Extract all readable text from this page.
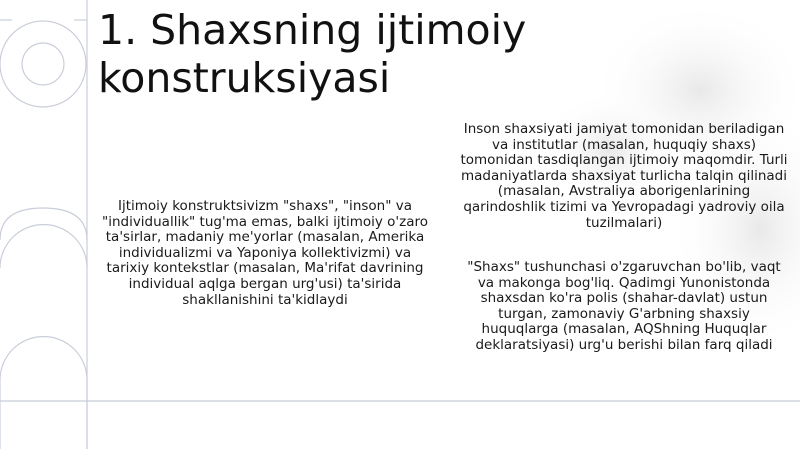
1. Shaxsning ijtimoiy
konstruksiyasi

Ijtimoiy konstruktsivizm "shaxs", "inson" va "individuallik" tug'ma emas, balki ijtimoiy o'zaro ta'sirlar, madaniy me'yorlar (masalan, Amerika individualizmi va Yaponiya kollektivizmi) va tarixiy kontekstlar (masalan, Ma'rifat davrining individual aqlga bergan urg'usi) ta'sirida shakllanishini ta'kidlaydi

Inson shaxsiyati jamiyat tomonidan beriladigan va institutlar (masalan, huquqiy shaxs) tomonidan tasdiqlangan ijtimoiy maqomdir. Turli madaniyatlarda shaxsiyat turlicha talqin qilinadi (masalan, Avstraliya aborigenlarining qarindoshlik tizimi va Yevropadagi yadroviy oila tuzilmalari)

"Shaxs" tushunchasi o'zgaruvchan bo'lib, vaqt va makonga bog'liq. Qadimgi Yunonistonda shaxsdan ko'ra polis (shahar-davlat) ustun turgan, zamonaviy G'arbning shaxsiy huquqlarga (masalan, AQShning Huquqlar deklaratsiyasi) urg'u berishi bilan farq qiladi
